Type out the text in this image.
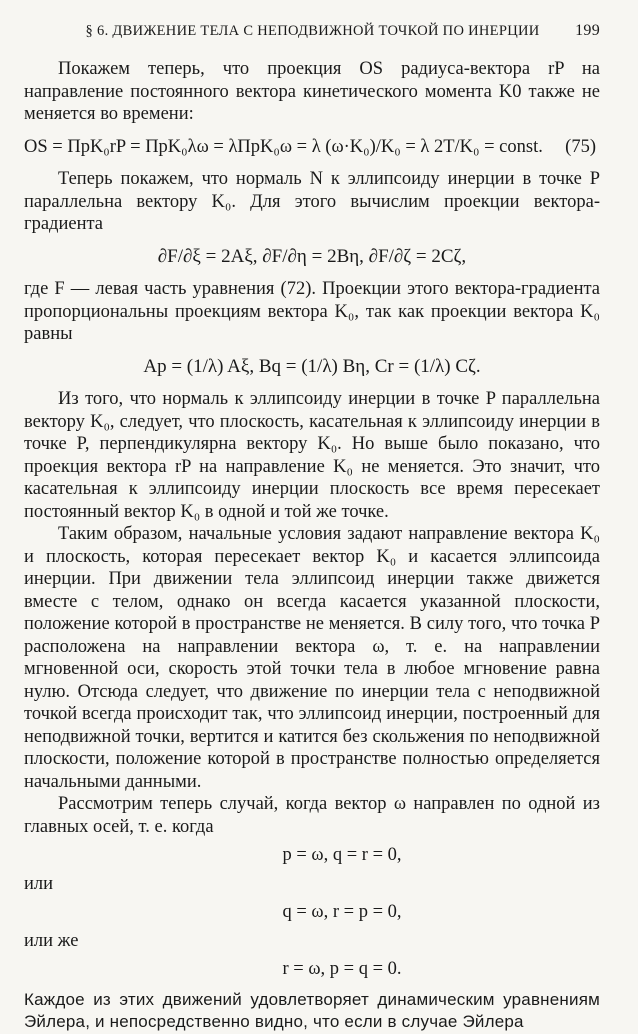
§ 6. ДВИЖЕНИЕ ТЕЛА С НЕПОДВИЖНОЙ ТОЧКОЙ ПО ИНЕРЦИИ	199

Покажем теперь, что проекция OS радиуса-вектора rP на направление постоянного вектора кинетического момента K0 также не меняется во времени:

OS = ПрK₀rP = ПрK₀λω = λПрK₀ω = λ (ω·K₀)/K₀ = λ 2T/K₀ = const.	(75)

Теперь покажем, что нормаль N к эллипсоиду инерции в точке P параллельна вектору K₀. Для этого вычислим проекции вектора-градиента

∂F/∂ξ = 2Aξ, ∂F/∂η = 2Bη, ∂F/∂ζ = 2Cζ,

где F — левая часть уравнения (72). Проекции этого вектора-градиента пропорциональны проекциям вектора K₀, так как проекции вектора K₀ равны

Ap = (1/λ) Aξ, Bq = (1/λ) Bη, Cr = (1/λ) Cζ.

Из того, что нормаль к эллипсоиду инерции в точке P параллельна вектору K₀, следует, что плоскость, касательная к эллипсоиду инерции в точке P, перпендикулярна вектору K₀. Но выше было показано, что проекция вектора rP на направление K₀ не меняется. Это значит, что касательная к эллипсоиду инерции плоскость все время пересекает постоянный вектор K₀ в одной и той же точке.

Таким образом, начальные условия задают направление вектора K₀ и плоскость, которая пересекает вектор K₀ и касается эллипсоида инерции. При движении тела эллипсоид инерции также движется вместе с телом, однако он всегда касается указанной плоскости, положение которой в пространстве не меняется. В силу того, что точка P расположена на направлении вектора ω, т. е. на направлении мгновенной оси, скорость этой точки тела в любое мгновение равна нулю. Отсюда следует, что движение по инерции тела с неподвижной точкой всегда происходит так, что эллипсоид инерции, построенный для неподвижной точки, вертится и катится без скольжения по неподвижной плоскости, положение которой в пространстве полностью определяется начальными данными.

Рассмотрим теперь случай, когда вектор ω направлен по одной из главных осей, т. е. когда

p = ω, q = r = 0,
или
q = ω, r = p = 0,
или же
r = ω, p = q = 0.

Каждое из этих движений удовлетворяет динамическим уравнениям Эйлера, и непосредственно видно, что если в случае Эйлера
